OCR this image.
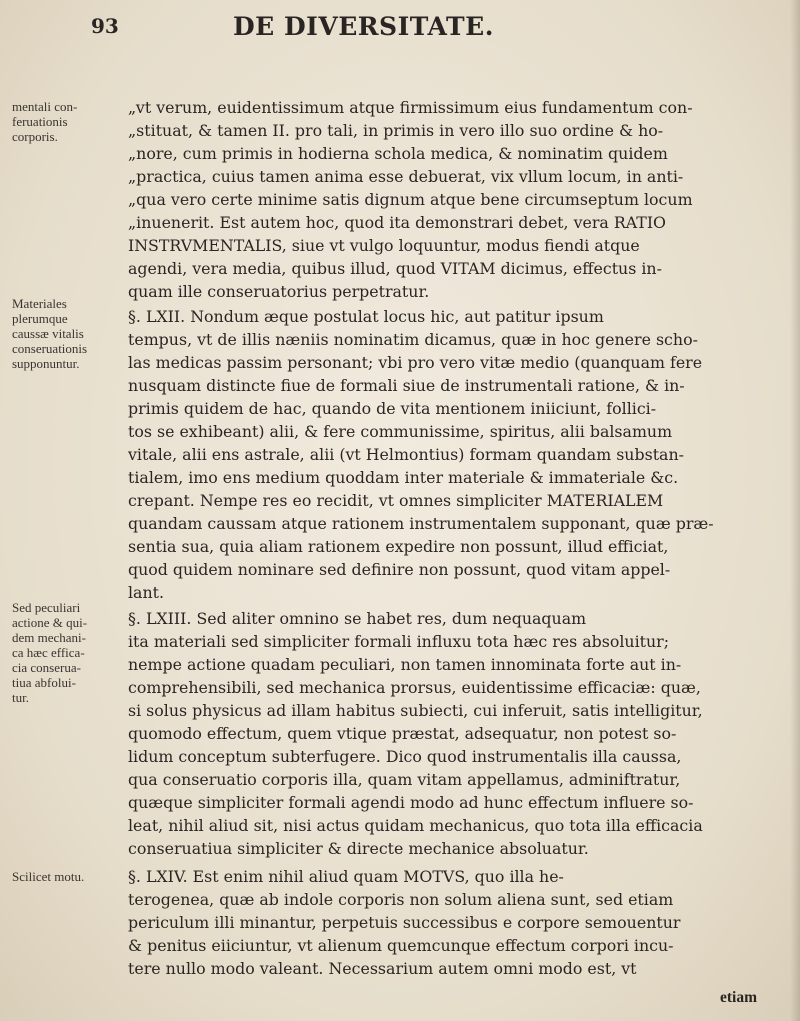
93	DE DIVERSITATE.
mentali con-
feruationis
corporis.
Materiales
plerumque
caussæ vitalis
conseruationis
supponuntur.
Sed peculiari
actione & qui-
dem mechani-
ca hæc effica-
cia conserua-
tiua abfolui-
tur.
Scilicet motu.
„vt verum, euidentissimum atque firmissimum eius fundamentum con-
„stituat, & tamen II. pro tali, in primis in vero illo suo ordine & ho-
„nore, cum primis in hodierna schola medica, & nominatim quidem
„practica, cuius tamen anima esse debuerat, vix vllum locum, in anti-
„qua vero certe minime satis dignum atque bene circumseptum locum
„inuenerit. Est autem hoc, quod ita demonstrari debet, vera RATIO
INSTRVMENTALIS, siue vt vulgo loquuntur, modus fiendi atque
agendi, vera media, quibus illud, quod VITAM dicimus, effectus in-
quam ille conseruatorius perpetratur.
§. LXII. Nondum æque postulat locus hic, aut patitur ipsum
tempus, vt de illis næniis nominatim dicamus, quæ in hoc genere scho-
las medicas passim personant; vbi pro vero vitæ medio (quanquam fere
nusquam distincte fiue de formali siue de instrumentali ratione, & in-
primis quidem de hac, quando de vita mentionem iniiciunt, follici-
tos se exhibeant) alii, & fere communissime, spiritus, alii balsamum
vitale, alii ens astrale, alii (vt Helmontius) formam quandam substan-
tialem, imo ens medium quoddam inter materiale & immateriale &c.
crepant. Nempe res eo recidit, vt omnes simpliciter MATERIALEM
quandam caussam atque rationem instrumentalem supponant, quæ præ-
sentia sua, quia aliam rationem expedire non possunt, illud efficiat,
quod quidem nominare sed definire non possunt, quod vitam appel-
lant.
§. LXIII. Sed aliter omnino se habet res, dum nequaquam
ita materiali sed simpliciter formali influxu tota hæc res absoluitur;
nempe actione quadam peculiari, non tamen innominata forte aut in-
comprehensibili, sed mechanica prorsus, euidentissime efficaciæ: quæ,
si solus physicus ad illam habitus subiecti, cui inferuit, satis intelligitur,
quomodo effectum, quem vtique præstat, adsequatur, non potest so-
lidum conceptum subterfugere. Dico quod instrumentalis illa caussa,
qua conseruatio corporis illa, quam vitam appellamus, adminiftratur,
quæque simpliciter formali agendi modo ad hunc effectum influere so-
leat, nihil aliud sit, nisi actus quidam mechanicus, quo tota illa efficacia
conseruatiua simpliciter & directe mechanice absoluatur.
§. LXIV. Est enim nihil aliud quam MOTVS, quo illa he-
terogenea, quæ ab indole corporis non solum aliena sunt, sed etiam
periculum illi minantur, perpetuis successibus e corpore semouentur
& penitus eiiciuntur, vt alienum quemcunque effectum corpori incu-
tere nullo modo valeant. Necessarium autem omni modo est, vt
etiam
